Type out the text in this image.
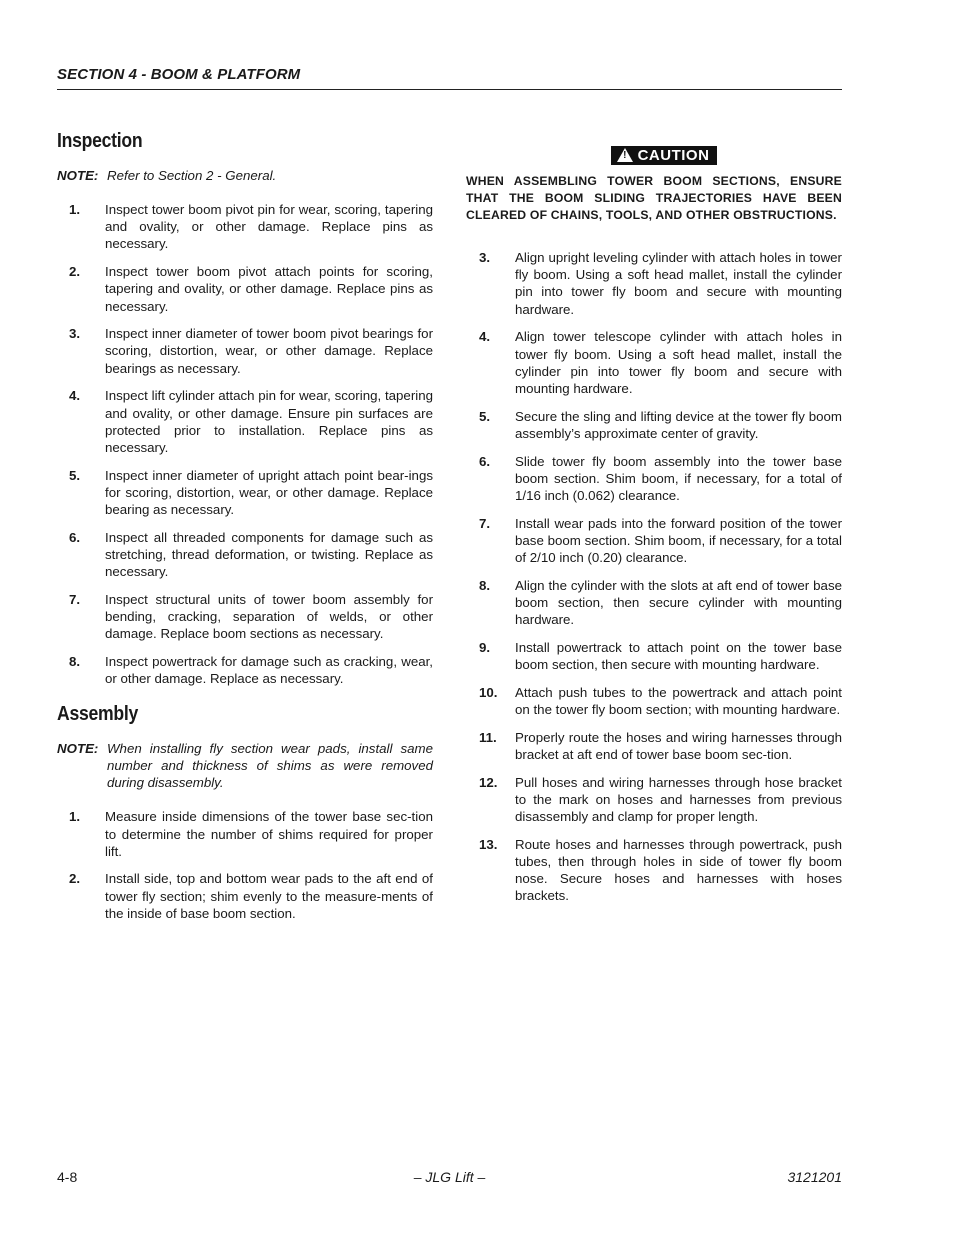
SECTION 4 - BOOM & PLATFORM
Inspection
NOTE: Refer to Section 2 - General.
1.	Inspect tower boom pivot pin for wear, scoring, tapering and ovality, or other damage. Replace pins as necessary.
2.	Inspect tower boom pivot attach points for scoring, tapering and ovality, or other damage. Replace pins as necessary.
3.	Inspect inner diameter of tower boom pivot bearings for scoring, distortion, wear, or other damage. Replace bearings as necessary.
4.	Inspect lift cylinder attach pin for wear, scoring, tapering and ovality, or other damage. Ensure pin surfaces are protected prior to installation. Replace pins as necessary.
5.	Inspect inner diameter of upright attach point bear-ings for scoring, distortion, wear, or other damage. Replace bearing as necessary.
6.	Inspect all threaded components for damage such as stretching, thread deformation, or twisting. Replace as necessary.
7.	Inspect structural units of tower boom assembly for bending, cracking, separation of welds, or other damage. Replace boom sections as necessary.
8.	Inspect powertrack for damage such as cracking, wear, or other damage. Replace as necessary.
Assembly
NOTE: When installing fly section wear pads, install same number and thickness of shims as were removed during disassembly.
1.	Measure inside dimensions of the tower base sec-tion to determine the number of shims required for proper lift.
2.	Install side, top and bottom wear pads to the aft end of tower fly section; shim evenly to the measure-ments of the inside of base boom section.
! CAUTION
WHEN ASSEMBLING TOWER BOOM SECTIONS, ENSURE THAT THE BOOM SLIDING TRAJECTORIES HAVE BEEN CLEARED OF CHAINS, TOOLS, AND OTHER OBSTRUCTIONS.
3.	Align upright leveling cylinder with attach holes in tower fly boom. Using a soft head mallet, install the cylinder pin into tower fly boom and secure with mounting hardware.
4.	Align tower telescope cylinder with attach holes in tower fly boom. Using a soft head mallet, install the cylinder pin into tower fly boom and secure with mounting hardware.
5.	Secure the sling and lifting device at the tower fly boom assembly’s approximate center of gravity.
6.	Slide tower fly boom assembly into the tower base boom section. Shim boom, if necessary, for a total of 1/16 inch (0.062) clearance.
7.	Install wear pads into the forward position of the tower base boom section. Shim boom, if necessary, for a total of 2/10 inch (0.20) clearance.
8.	Align the cylinder with the slots at aft end of tower base boom section, then secure cylinder with mounting hardware.
9.	Install powertrack to attach point on the tower base boom section, then secure with mounting hardware.
10.	Attach push tubes to the powertrack and attach point on the tower fly boom section; with mounting hardware.
11.	Properly route the hoses and wiring harnesses through bracket at aft end of tower base boom sec-tion.
12.	Pull hoses and wiring harnesses through hose bracket to the mark on hoses and harnesses from previous disassembly and clamp for proper length.
13.	Route hoses and harnesses through powertrack, push tubes, then through holes in side of tower fly boom nose. Secure hoses and harnesses with hoses brackets.
4-8	– JLG Lift –	3121201
